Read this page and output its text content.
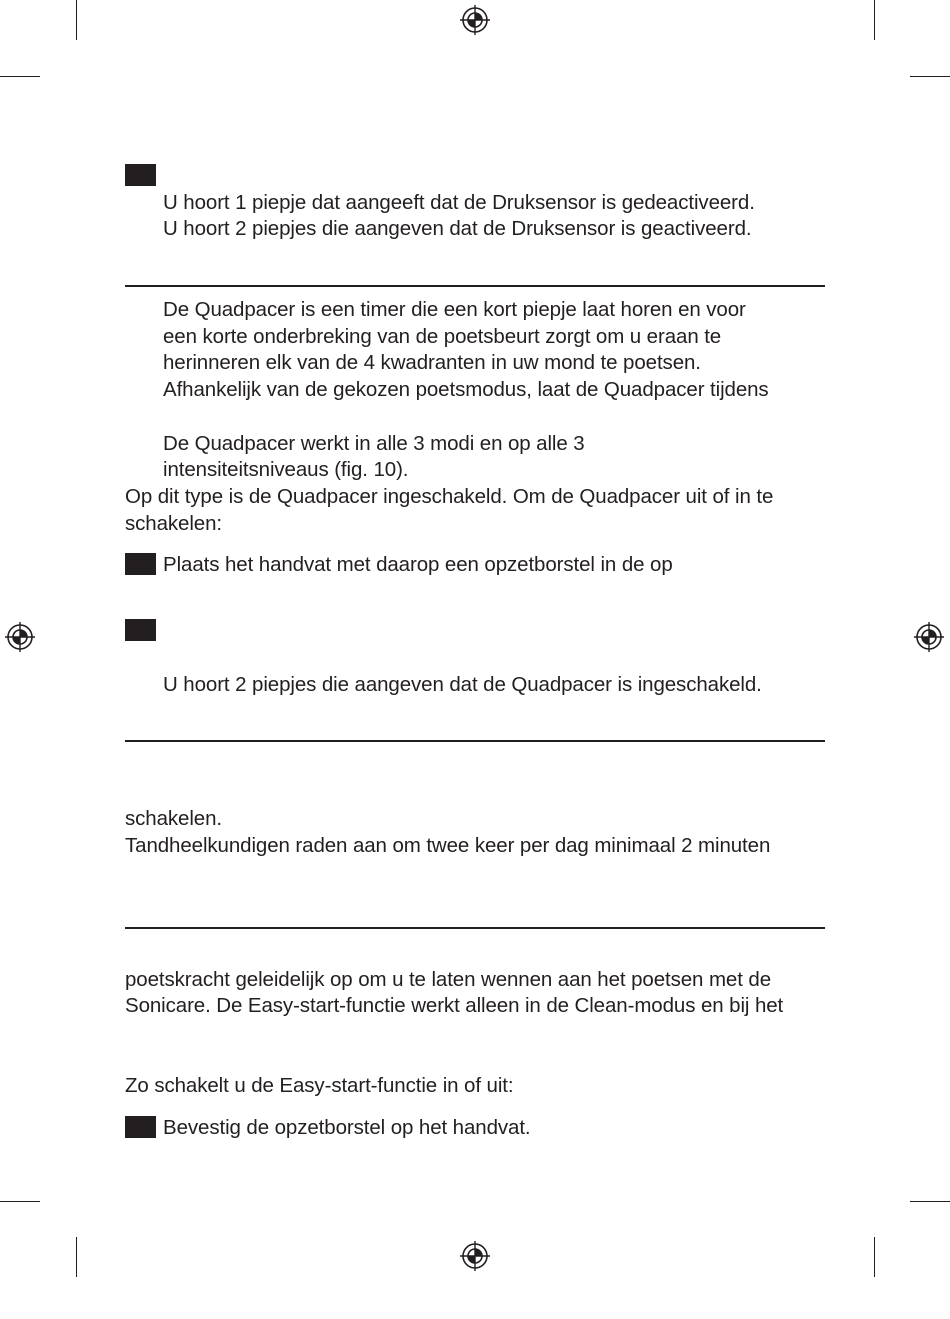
U hoort 1 piepje dat aangeeft dat de Druksensor is gedeactiveerd.
U hoort 2 piepjes die aangeven dat de Druksensor is geactiveerd.
De Quadpacer is een timer die een kort piepje laat horen en voor
een korte onderbreking van de poetsbeurt zorgt om u eraan te
herinneren elk van de 4 kwadranten in uw mond te poetsen.
Afhankelijk van de gekozen poetsmodus, laat de Quadpacer tijdens
De Quadpacer werkt in alle 3 modi en op alle 3
intensiteitsniveaus (fig. 10).
Op dit type is de Quadpacer ingeschakeld. Om de Quadpacer uit of in te
schakelen:
Plaats het handvat met daarop een opzetborstel in de op
U hoort 2 piepjes die aangeven dat de Quadpacer is ingeschakeld.
schakelen.
Tandheelkundigen raden aan om twee keer per dag minimaal 2 minuten
poetskracht geleidelijk op om u te laten wennen aan het poetsen met de
Sonicare. De Easy-start-functie werkt alleen in de Clean-modus en bij het
Zo schakelt u de Easy-start-functie in of uit:
Bevestig de opzetborstel op het handvat.
